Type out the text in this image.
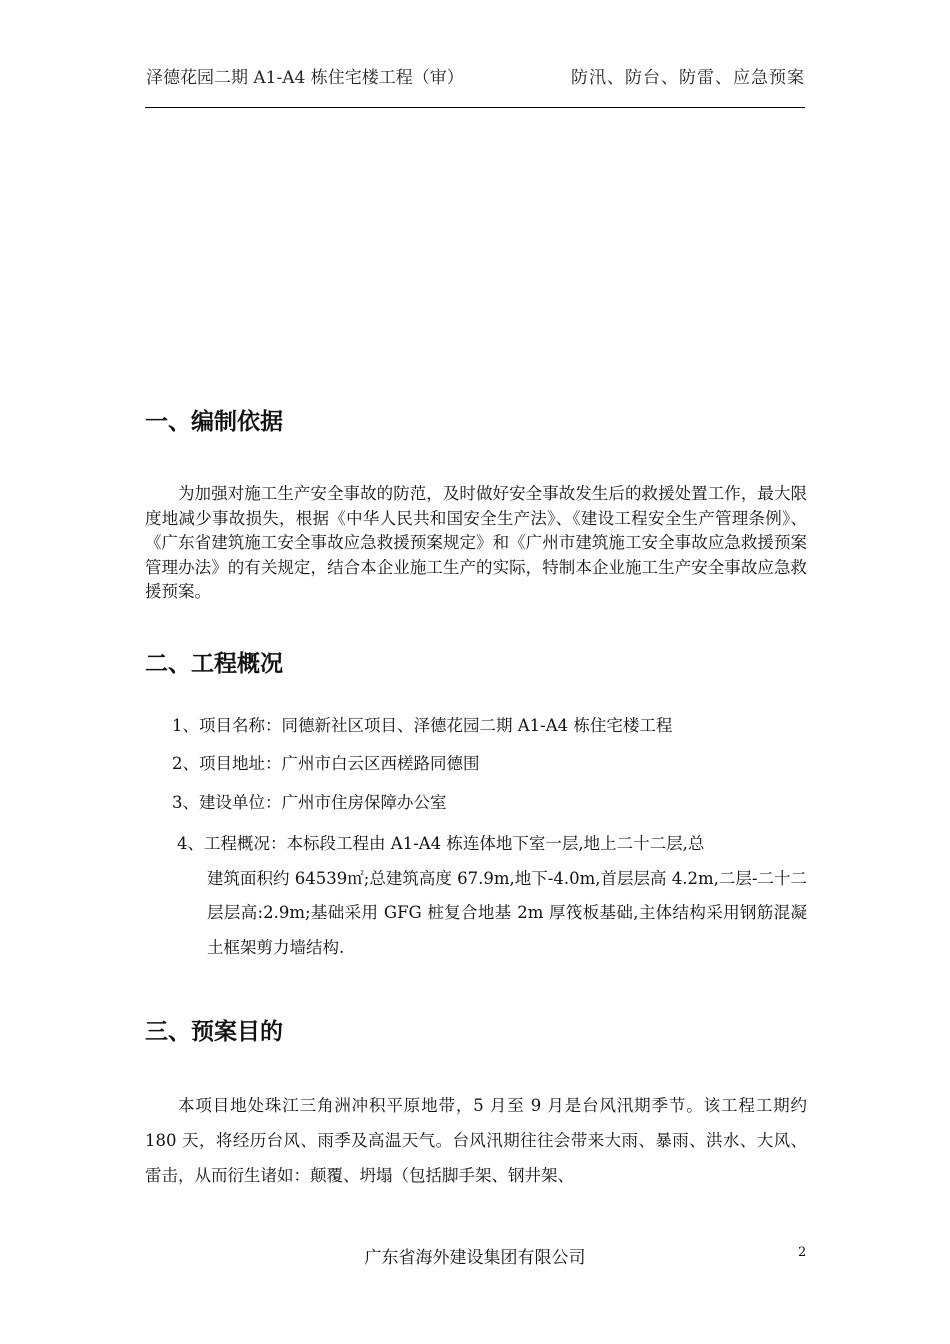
泽德花园二期 A1-A4 栋住宅楼工程（审）	防汛、防台、防雷、应急预案
一、编制依据
为加强对施工生产安全事故的防范，及时做好安全事故发生后的救援处置工作，最大限度地减少事故损失，根据《中华人民共和国安全生产法》、《建设工程安全生产管理条例》、《广东省建筑施工安全事故应急救援预案规定》和《广州市建筑施工安全事故应急救援预案管理办法》的有关规定，结合本企业施工生产的实际，特制本企业施工生产安全事故应急救援预案。
二、工程概况
1、项目名称：同德新社区项目、泽德花园二期 A1-A4 栋住宅楼工程
2、项目地址：广州市白云区西槎路同德围
3、建设单位：广州市住房保障办公室
4、工程概况：本标段工程由 A1-A4 栋连体地下室一层,地上二十二层,总
建筑面积约 64539㎡;总建筑高度 67.9m,地下-4.0m,首层层高 4.2m,二层-二十二层层高:2.9m;基础采用 GFG 桩复合地基 2m 厚筏板基础,主体结构采用钢筋混凝土框架剪力墙结构.
三、预案目的
本项目地处珠江三角洲冲积平原地带，5 月至 9 月是台风汛期季节。该工程工期约 180 天，将经历台风、雨季及高温天气。台风汛期往往会带来大雨、暴雨、洪水、大风、雷击，从而衍生诸如：颠覆、坍塌（包括脚手架、钢井架、
广东省海外建设集团有限公司	2
